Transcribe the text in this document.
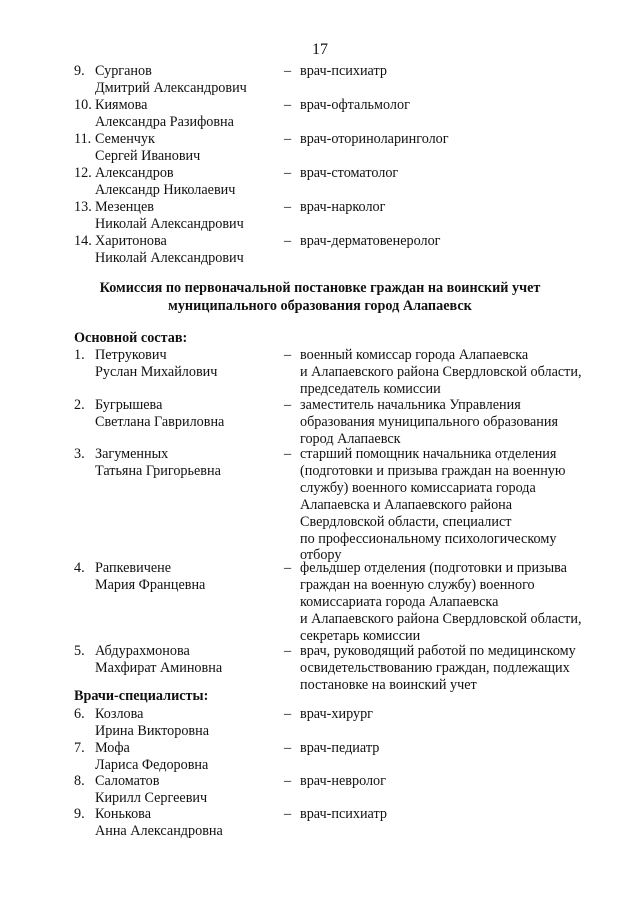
17
9. Сурганов
Дмитрий Александрович
– врач-психиатр
10. Киямова
Александра Разифовна
– врач-офтальмолог
11. Семенчук
Сергей Иванович
– врач-оториноларинголог
12. Александров
Александр Николаевич
– врач-стоматолог
13. Мезенцев
Николай Александрович
– врач-нарколог
14. Харитонова
Николай Александрович
– врач-дерматовенеролог
Комиссия по первоначальной постановке граждан на воинский учет
муниципального образования город Алапаевск
Основной состав:
1. Петрукович
Руслан Михайлович
– военный комиссар города Алапаевска
и Алапаевского района Свердловской области,
председатель комиссии
2. Бугрышева
Светлана Гавриловна
– заместитель начальника Управления
образования муниципального образования
город Алапаевск
3. Загуменных
Татьяна Григорьевна
– старший помощник начальника отделения
(подготовки и призыва граждан на военную
службу) военного комиссариата города
Алапаевска и Алапаевского района
Свердловской области, специалист
по профессиональному психологическому
отбору
4. Рапкевичене
Мария Францевна
– фельдшер отделения (подготовки и призыва
граждан на военную службу) военного
комиссариата города Алапаевска
и Алапаевского района Свердловской области,
секретарь комиссии
5. Абдурахмонова
Махфират Аминовна
– врач, руководящий работой по медицинскому
освидетельствованию граждан, подлежащих
постановке на воинский учет
Врачи-специалисты:
6. Козлова
Ирина Викторовна
– врач-хирург
7. Мофа
Лариса Федоровна
– врач-педиатр
8. Саломатов
Кирилл Сергеевич
– врач-невролог
9. Конькова
Анна Александровна
– врач-психиатр
